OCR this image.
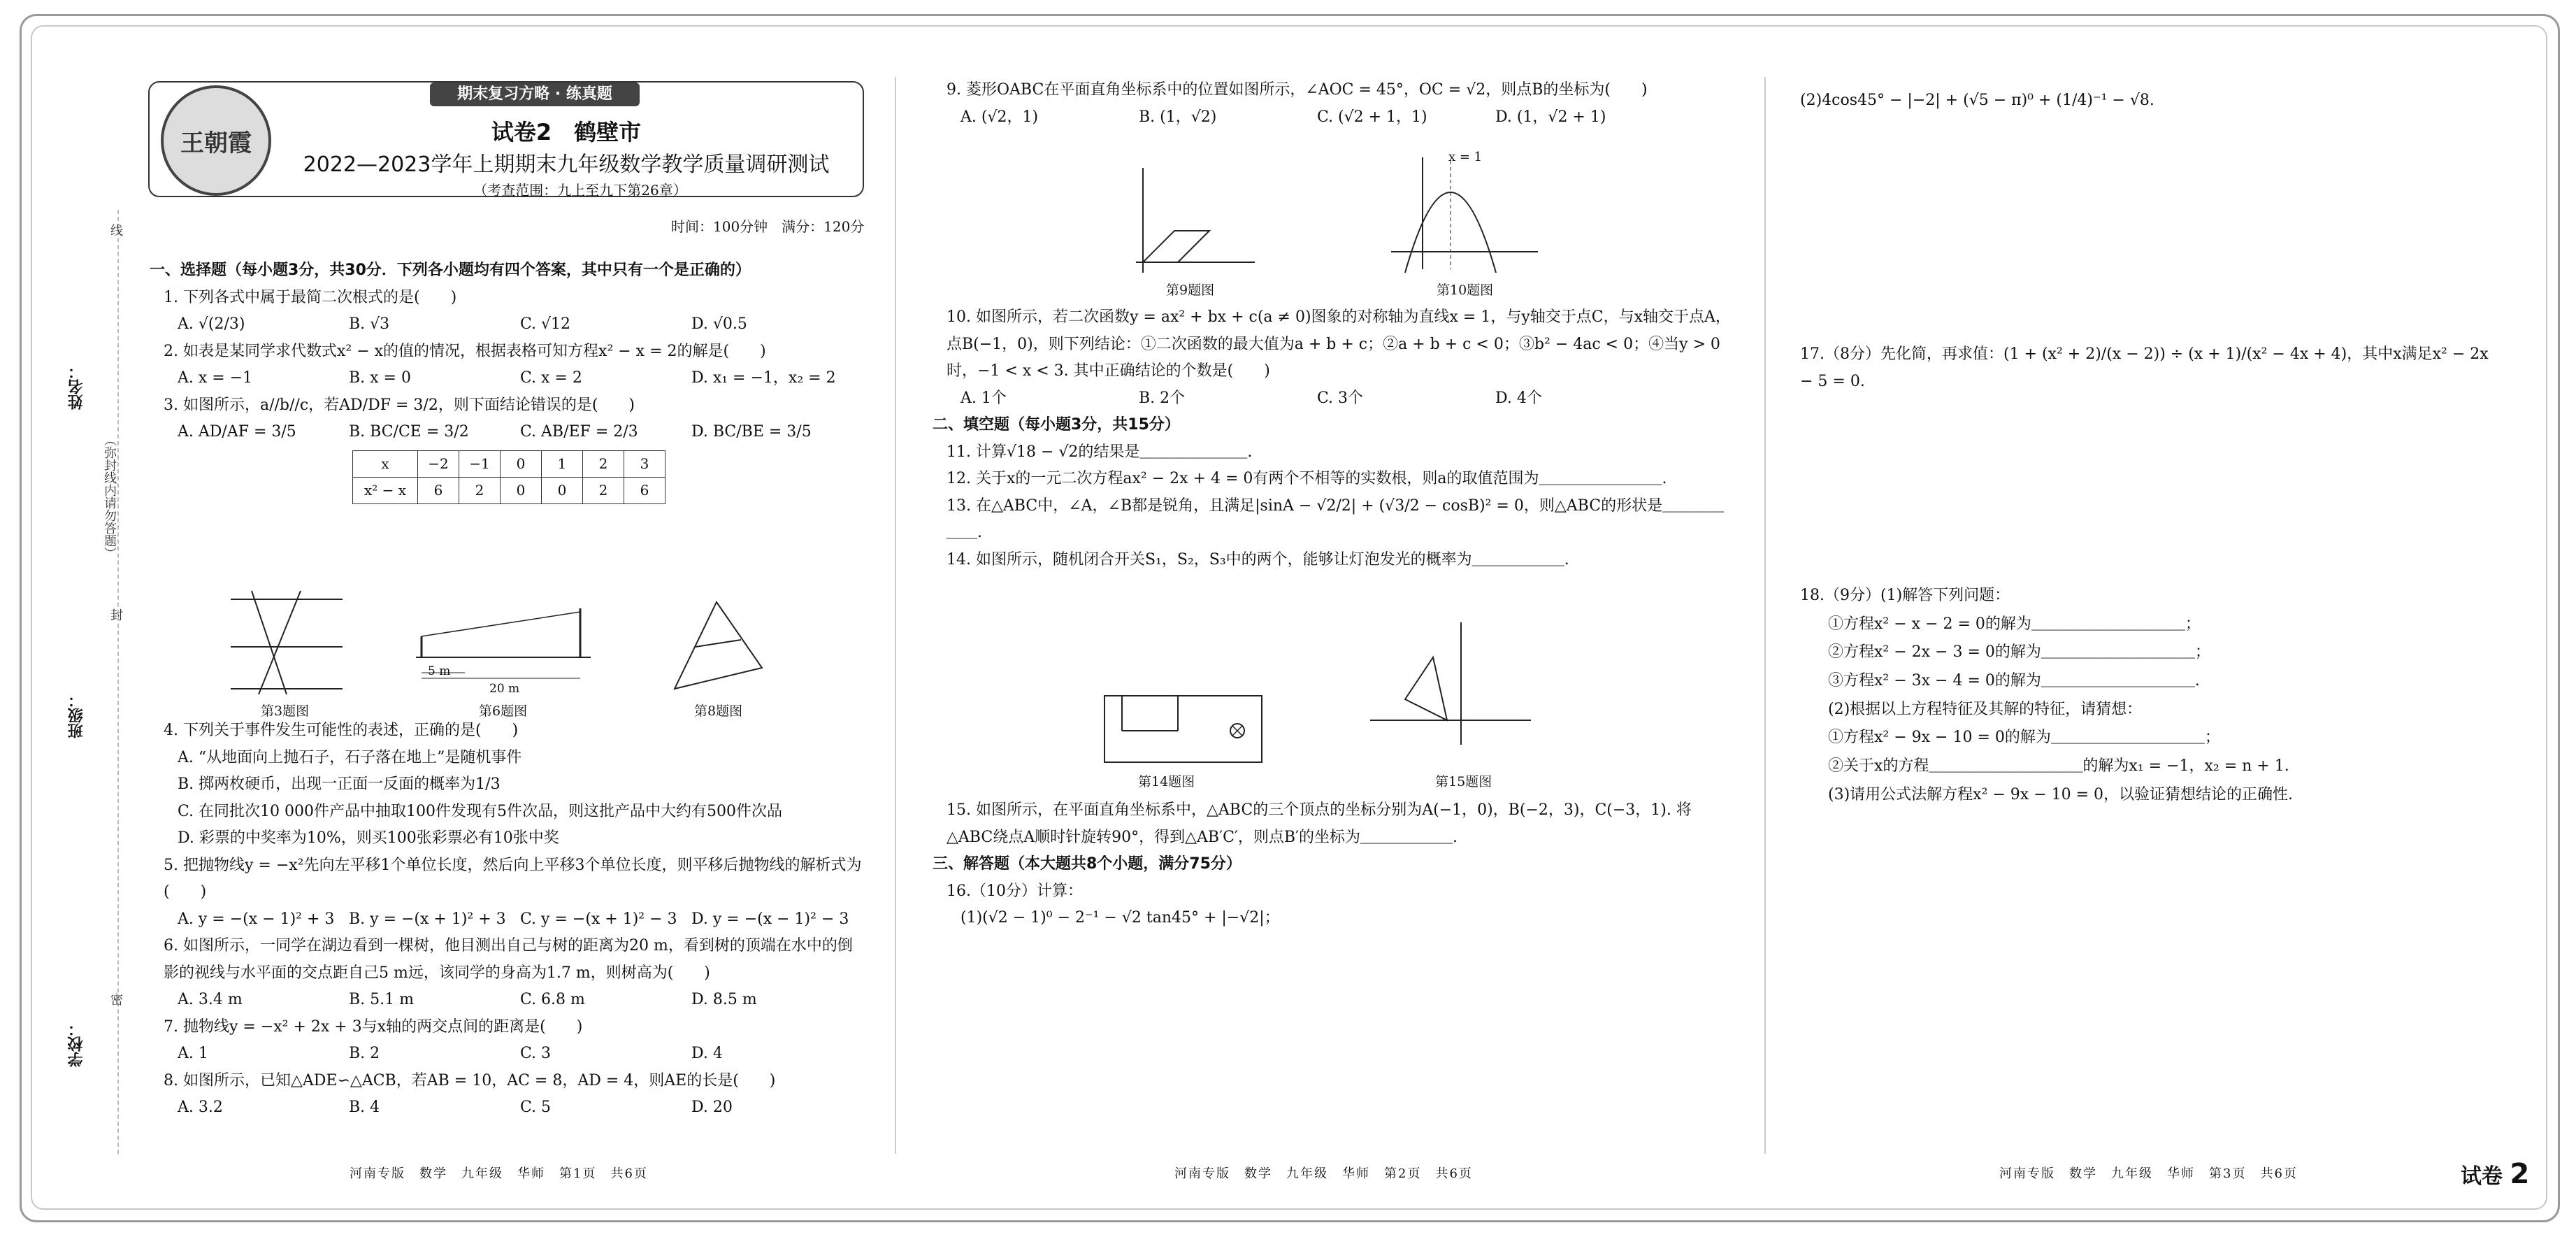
姓名：
班级：
学校：
（弥封线内请勿答题）
线
封
密
王朝霞
期末复习方略 · 练真题
试卷2　鹤壁市
2022—2023学年上期期末九年级数学教学质量调研测试
（考查范围：九上至九下第26章）
时间：100分钟　满分：120分

一、选择题（每小题3分，共30分．下列各小题均有四个答案，其中只有一个是正确的）

1. 下列各式中属于最简二次根式的是(　　)

A. √(2/3)	B. √3	C. √12	D. √0.5

2. 如表是某同学求代数式x² − x的值的情况，根据表格可知方程x² − x = 2的解是(　　)

A. x = −1	B. x = 0	C. x = 2	D. x₁ = −1，x₂ = 2

3. 如图所示，a//b//c，若AD/DF = 3/2，则下面结论错误的是(　　)

A. AD/AF = 3/5	B. BC/CE = 3/2	C. AB/EF = 2/3	D. BC/BE = 3/5
x	−2	−1	0	1	2	3
x² − x	6	2	0	0	2	6

4. 下列关于事件发生可能性的表述，正确的是(　　)

A. “从地面向上抛石子，石子落在地上”是随机事件

B. 掷两枚硬币，出现一正面一反面的概率为1/3

C. 在同批次10 000件产品中抽取100件发现有5件次品，则这批产品中大约有500件次品

D. 彩票的中奖率为10%，则买100张彩票必有10张中奖

5. 把抛物线y = −x²先向左平移1个单位长度，然后向上平移3个单位长度，则平移后抛物线的解析式为(　　)

A. y = −(x − 1)² + 3 B. y = −(x + 1)² + 3 C. y = −(x + 1)² − 3 D. y = −(x − 1)² − 3

6. 如图所示，一同学在湖边看到一棵树，他目测出自己与树的距离为20 m，看到树的顶端在水中的倒影的视线与水平面的交点距自己5 m远，该同学的身高为1.7 m，则树高为(　　)

A. 3.4 m	B. 5.1 m	C. 6.8 m	D. 8.5 m

7. 抛物线y = −x² + 2x + 3与x轴的两交点间的距离是(　　)

A. 1	B. 2	C. 3	D. 4

8. 如图所示，已知△ADE∽△ACB，若AB = 10，AC = 8，AD = 4，则AE的长是(　　)

A. 3.2	B. 4	C. 5	D. 20
第3题图
5 m
20 m
第6题图	第8题图

9. 菱形OABC在平面直角坐标系中的位置如图所示，∠AOC = 45°，OC = √2，则点B的坐标为(　　)

A. (√2，1)	B. (1，√2)	C. (√2 + 1，1)	D. (1，√2 + 1)
第9题图
x = 1
第10题图

10. 如图所示，若二次函数y = ax² + bx + c(a ≠ 0)图象的对称轴为直线x = 1，与y轴交于点C，与x轴交于点A，点B(−1，0)，则下列结论：①二次函数的最大值为a + b + c；②a + b + c < 0；③b² − 4ac < 0；④当y > 0时，−1 < x < 3. 其中正确结论的个数是(　　)

A. 1个	B. 2个	C. 3个	D. 4个

二、填空题（每小题3分，共15分）

11. 计算√18 − √2的结果是＿＿＿＿＿＿＿.

12. 关于x的一元二次方程ax² − 2x + 4 = 0有两个不相等的实数根，则a的取值范围为＿＿＿＿＿＿＿＿.

13. 在△ABC中，∠A，∠B都是锐角，且满足|sinA − √2/2| + (√3/2 − cosB)² = 0，则△ABC的形状是＿＿＿＿＿＿.

14. 如图所示，随机闭合开关S₁，S₂，S₃中的两个，能够让灯泡发光的概率为＿＿＿＿＿＿.

第14题图	第15题图

15. 如图所示，在平面直角坐标系中，△ABC的三个顶点的坐标分别为A(−1，0)，B(−2，3)，C(−3，1). 将△ABC绕点A顺时针旋转90°，得到△AB′C′，则点B′的坐标为＿＿＿＿＿＿.

三、解答题（本大题共8个小题，满分75分）

16.（10分）计算：

(1)(√2 − 1)⁰ − 2⁻¹ − √2 tan45° + |−√2|；

(2)4cos45° − |−2| + (√5 − π)⁰ + (1/4)⁻¹ − √8.

17.（8分）先化简，再求值：(1 + (x² + 2)/(x − 2)) ÷ (x + 1)/(x² − 4x + 4)，其中x满足x² − 2x − 5 = 0.

18.（9分）(1)解答下列问题：

①方程x² − x − 2 = 0的解为＿＿＿＿＿＿＿＿＿＿；

②方程x² − 2x − 3 = 0的解为＿＿＿＿＿＿＿＿＿＿；

③方程x² − 3x − 4 = 0的解为＿＿＿＿＿＿＿＿＿＿.

(2)根据以上方程特征及其解的特征，请猜想：

①方程x² − 9x − 10 = 0的解为＿＿＿＿＿＿＿＿＿＿；

②关于x的方程＿＿＿＿＿＿＿＿＿＿的解为x₁ = −1，x₂ = n + 1.

(3)请用公式法解方程x² − 9x − 10 = 0，以验证猜想结论的正确性.

河南专版　数学　九年级　华师　第1页　共6页	河南专版　数学　九年级　华师　第2页　共6页	河南专版　数学　九年级　华师　第3页　共6页	试卷 2
